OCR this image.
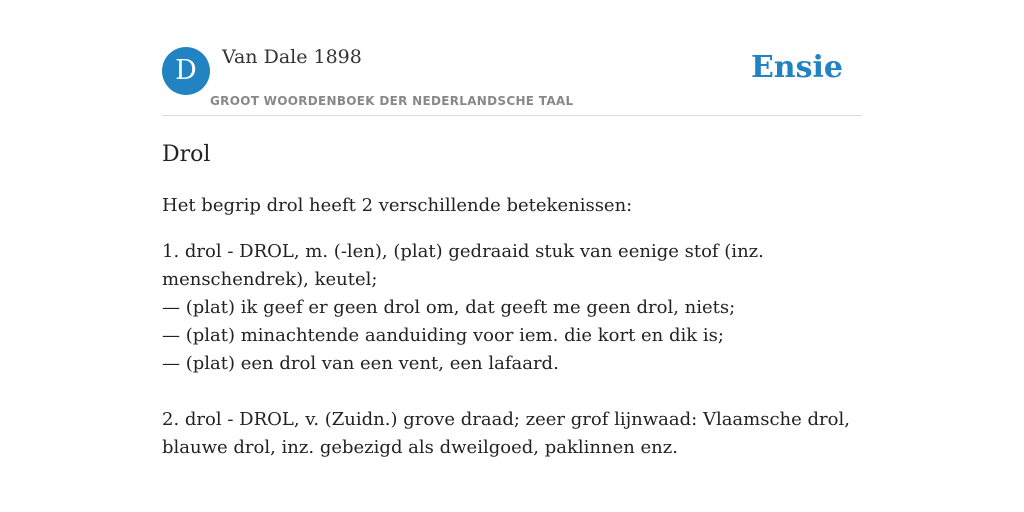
D	Van Dale 1898
GROOT WOORDENBOEK DER NEDERLANDSCHE TAAL
Ensie
Drol
Het begrip drol heeft 2 verschillende betekenissen:

1. drol - DROL, m. (-len), (plat) gedraaid stuk van eenige stof (inz. menschendrek), keutel;
— (plat) ik geef er geen drol om, dat geeft me geen drol, niets;
— (plat) minachtende aanduiding voor iem. die kort en dik is;
— (plat) een drol van een vent, een lafaard.

2. drol - DROL, v. (Zuidn.) grove draad; zeer grof lijnwaad: Vlaamsche drol, blauwe drol, inz. gebezigd als dweilgoed, paklinnen enz.
